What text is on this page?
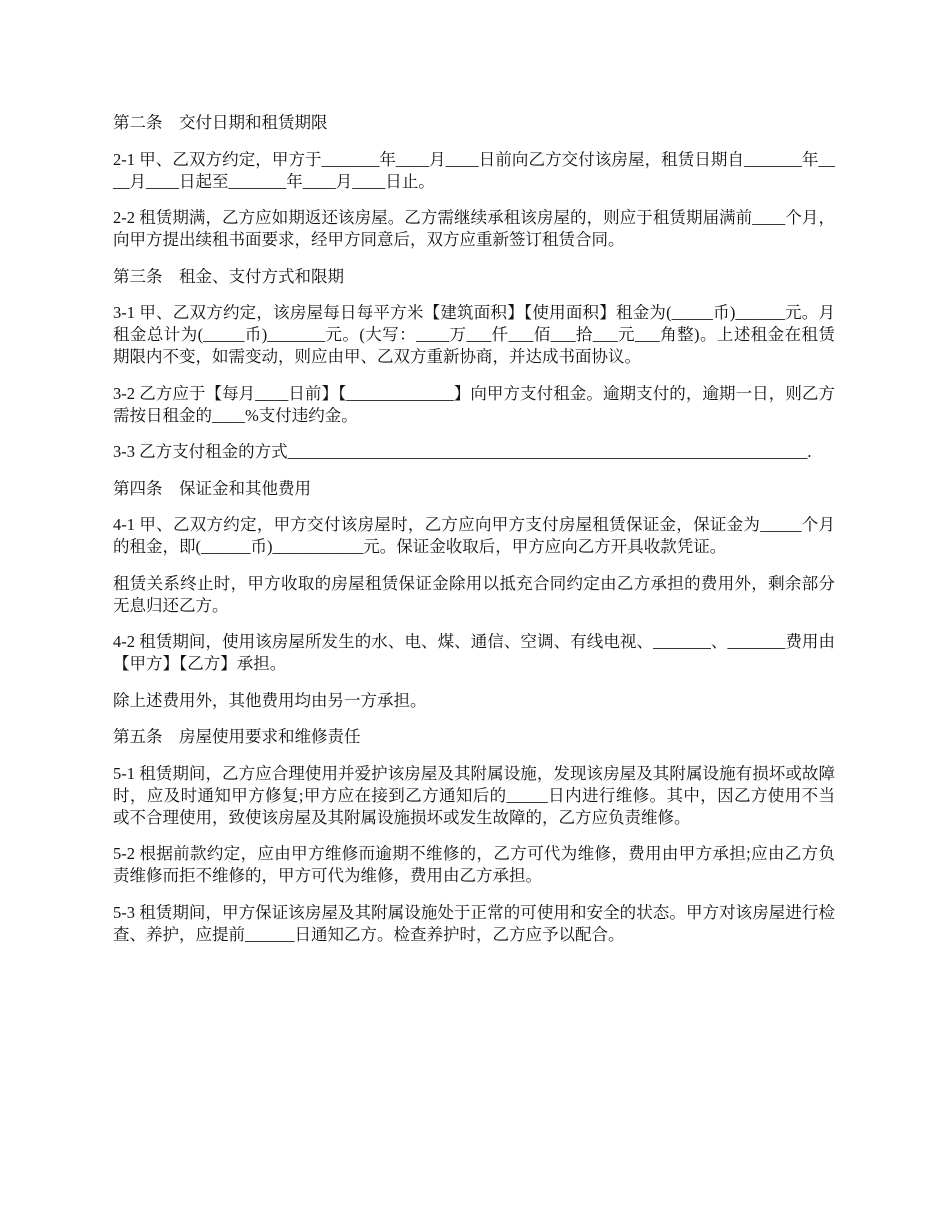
第二条　交付日期和租赁期限

2-1 甲、乙双方约定，甲方于_______年____月____日前向乙方交付该房屋，租赁日期自_______年____月____日起至_______年____月____日止。

2-2 租赁期满，乙方应如期返还该房屋。乙方需继续承租该房屋的，则应于租赁期届满前____个月，向甲方提出续租书面要求，经甲方同意后，双方应重新签订租赁合同。

第三条　租金、支付方式和限期

3-1 甲、乙双方约定，该房屋每日每平方米【建筑面积】【使用面积】租金为(_____币)______元。月租金总计为(_____币)_______元。(大写：____万___仟___佰___拾___元___角整)。上述租金在租赁期限内不变，如需变动，则应由甲、乙双方重新协商，并达成书面协议。

3-2 乙方应于【每月____日前】【_____________】向甲方支付租金。逾期支付的，逾期一日，则乙方需按日租金的____%支付违约金。

3-3 乙方支付租金的方式_______________________________________________________________.

第四条　保证金和其他费用

4-1 甲、乙双方约定，甲方交付该房屋时，乙方应向甲方支付房屋租赁保证金，保证金为_____个月的租金，即(______币)___________元。保证金收取后，甲方应向乙方开具收款凭证。

租赁关系终止时，甲方收取的房屋租赁保证金除用以抵充合同约定由乙方承担的费用外，剩余部分无息归还乙方。

4-2 租赁期间，使用该房屋所发生的水、电、煤、通信、空调、有线电视、_______、_______费用由【甲方】【乙方】承担。

除上述费用外，其他费用均由另一方承担。

第五条　房屋使用要求和维修责任

5-1 租赁期间，乙方应合理使用并爱护该房屋及其附属设施，发现该房屋及其附属设施有损坏或故障时，应及时通知甲方修复;甲方应在接到乙方通知后的_____日内进行维修。其中，因乙方使用不当或不合理使用，致使该房屋及其附属设施损坏或发生故障的，乙方应负责维修。

5-2 根据前款约定，应由甲方维修而逾期不维修的，乙方可代为维修，费用由甲方承担;应由乙方负责维修而拒不维修的，甲方可代为维修，费用由乙方承担。

5-3 租赁期间，甲方保证该房屋及其附属设施处于正常的可使用和安全的状态。甲方对该房屋进行检查、养护，应提前______日通知乙方。检查养护时，乙方应予以配合。
